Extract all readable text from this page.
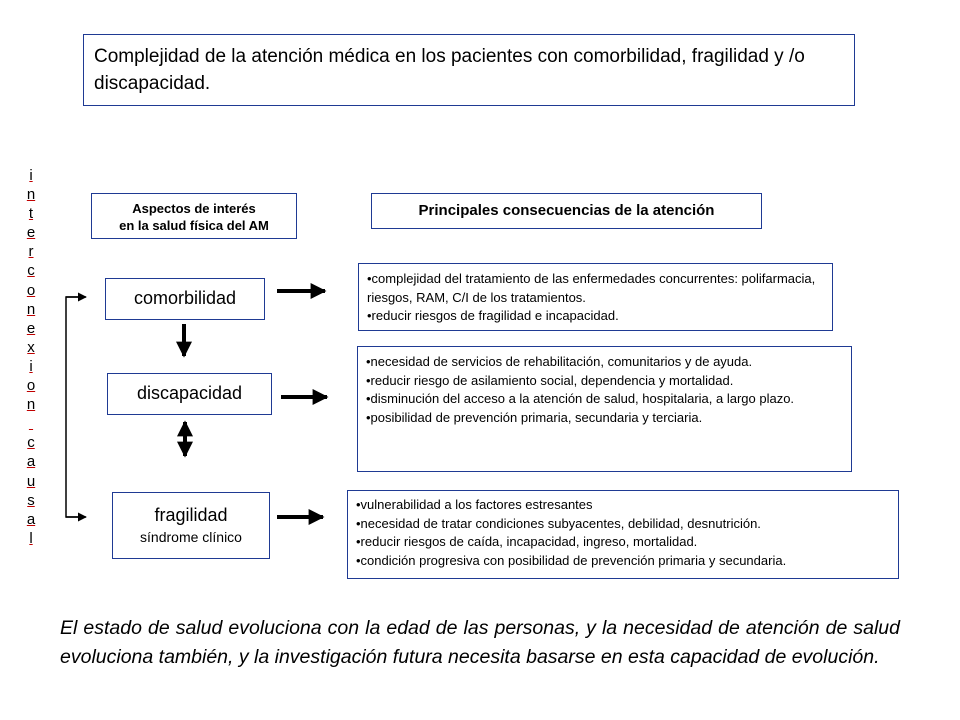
Complejidad de la atención médica en los pacientes con comorbilidad, fragilidad y /o discapacidad.
i
n
t
e
r
c
o
n
e
x
i
o
n

c
a
u
s
a
l
Aspectos de interés
en la salud física del AM
Principales consecuencias de la atención
comorbilidad
discapacidad
fragilidad
síndrome clínico
•complejidad del tratamiento de las enfermedades concurrentes: polifarmacia, riesgos, RAM, C/I de los tratamientos.
•reducir riesgos de fragilidad e incapacidad.
•necesidad de servicios de rehabilitación, comunitarios y de ayuda.
•reducir riesgo de asilamiento social, dependencia y mortalidad.
•disminución del acceso a la atención de salud, hospitalaria, a largo plazo.
•posibilidad de prevención primaria, secundaria y terciaria.
•vulnerabilidad a los factores estresantes
•necesidad de tratar condiciones subyacentes, debilidad, desnutrición.
•reducir riesgos de caída, incapacidad, ingreso, mortalidad.
•condición progresiva con posibilidad de prevención primaria y secundaria.
El estado de salud evoluciona con la edad de las personas, y la necesidad de atención de salud evoluciona también, y la investigación futura necesita basarse en esta capacidad de evolución.
